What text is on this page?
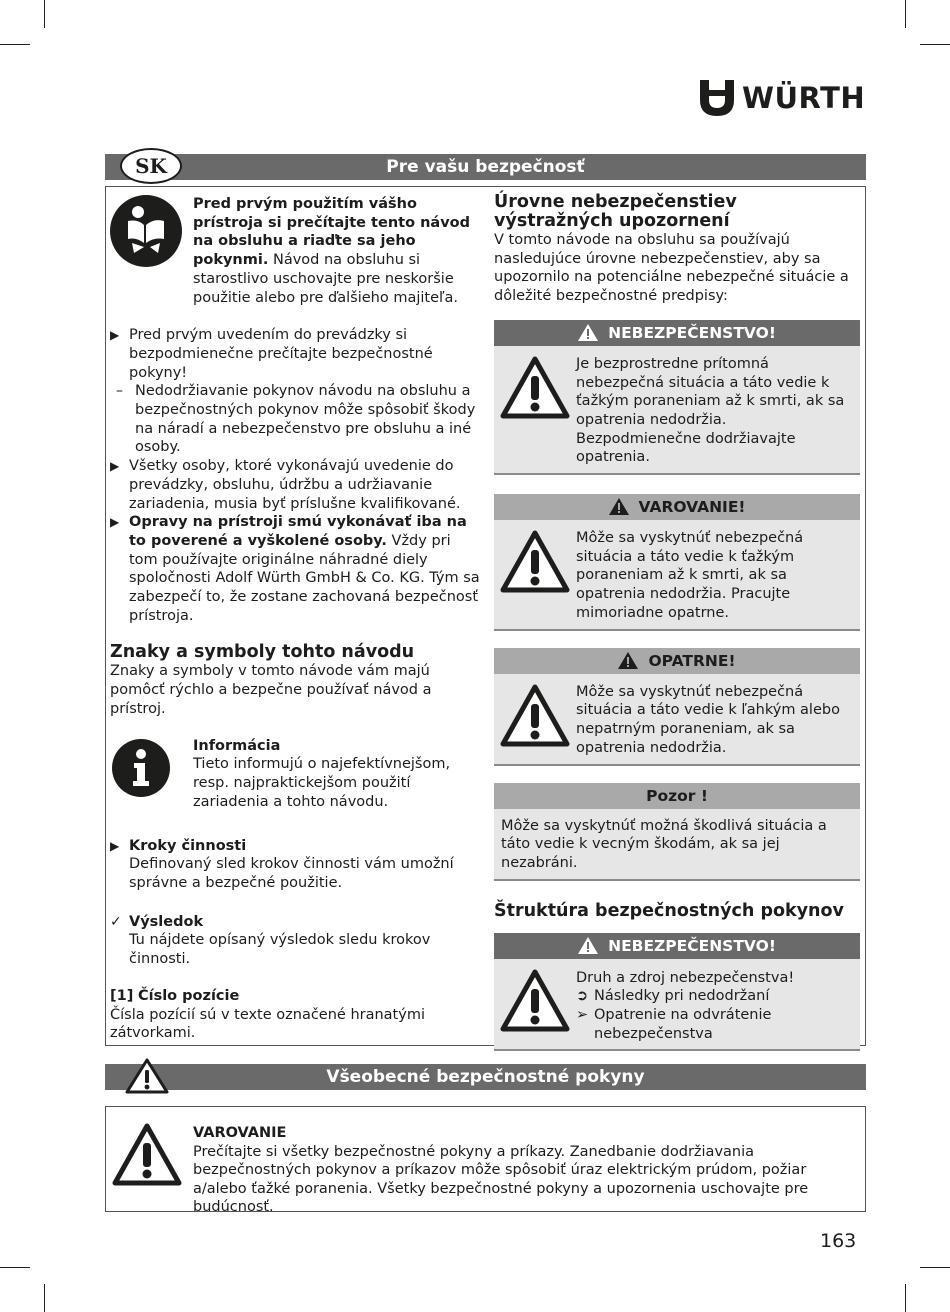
WÜRTH
Pre vašu bezpečnosť
SK
Pred prvým použitím vášho prístroja si prečítajte tento návod na obsluhu a riaďte sa jeho pokynmi. Návod na obsluhu si starostlivo uschovajte pre neskoršie použitie alebo pre ďalšieho majiteľa.
▶ Pred prvým uvedením do prevádzky si bezpodmienečne prečítajte bezpečnostné pokyny!
– Nedodržiavanie pokynov návodu na obsluhu a bezpečnostných pokynov môže spôsobiť škody na náradí a nebezpečenstvo pre obsluhu a iné osoby.
▶ Všetky osoby, ktoré vykonávajú uvedenie do prevádzky, obsluhu, údržbu a udržiavanie zariadenia, musia byť príslušne kvalifikované.
▶ Opravy na prístroji smú vykonávať iba na to poverené a vyškolené osoby. Vždy pri tom používajte originálne náhradné diely spoločnosti Adolf Würth GmbH & Co. KG. Tým sa zabezpečí to, že zostane zachovaná bezpečnosť prístroja.
Znaky a symboly tohto návodu
Znaky a symboly v tomto návode vám majú pomôcť rýchlo a bezpečne používať návod a prístroj.
Informácia
Tieto informujú o najefektívnejšom, resp. najpraktickejšom použití zariadenia a tohto návodu.
▶ Kroky činnosti
Definovaný sled krokov činnosti vám umožní správne a bezpečné použitie.
✓ Výsledok
Tu nájdete opísaný výsledok sledu krokov činnosti.
[1] Číslo pozície
Čísla pozícií sú v texte označené hranatými zátvorkami.
Úrovne nebezpečenstiev výstražných upozornení
V tomto návode na obsluhu sa používajú nasledujúce úrovne nebezpečenstiev, aby sa upozornilo na potenciálne nebezpečné situácie a dôležité bezpečnostné predpisy:
NEBEZPEČENSTVO!
Je bezprostredne prítomná nebezpečná situácia a táto vedie k ťažkým poraneniam až k smrti, ak sa opatrenia nedodržia. Bezpodmienečne dodržiavajte opatrenia.
VAROVANIE!
Môže sa vyskytnúť nebezpečná situácia a táto vedie k ťažkým poraneniam až k smrti, ak sa opatrenia nedodržia. Pracujte mimoriadne opatrne.
OPATRNE!
Môže sa vyskytnúť nebezpečná situácia a táto vedie k ľahkým alebo nepatrným poraneniam, ak sa opatrenia nedodržia.
Pozor !
Môže sa vyskytnúť možná škodlivá situácia a táto vedie k vecným škodám, ak sa jej nezabráni.
Štruktúra bezpečnostných pokynov
NEBEZPEČENSTVO!
Druh a zdroj nebezpečenstva!
➲ Následky pri nedodržaní
➢ Opatrenie na odvrátenie nebezpečenstva
Všeobecné bezpečnostné pokyny
VAROVANIE
Prečítajte si všetky bezpečnostné pokyny a príkazy. Zanedbanie dodržiavania bezpečnostných pokynov a príkazov môže spôsobiť úraz elektrickým prúdom, požiar a/alebo ťažké poranenia. Všetky bezpečnostné pokyny a upozornenia uschovajte pre budúcnosť.
163
